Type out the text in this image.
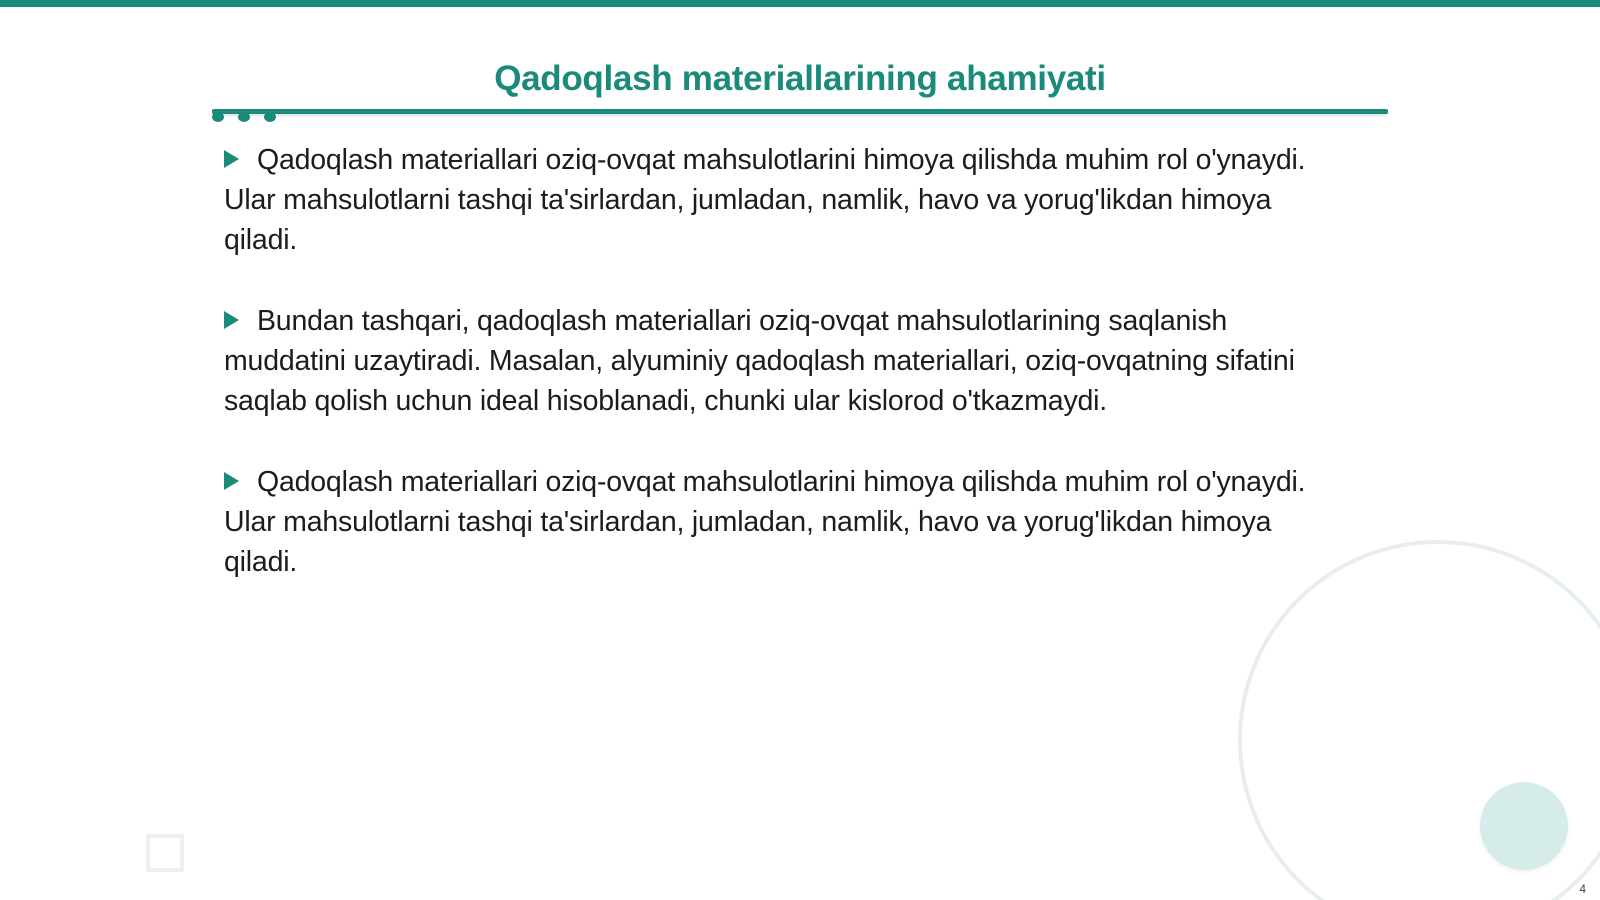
Qadoqlash materiallarining ahamiyati

Qadoqlash materiallari oziq-ovqat mahsulotlarini himoya qilishda muhim rol o'ynaydi. Ular mahsulotlarni tashqi ta'sirlardan, jumladan, namlik, havo va yorug'likdan himoya qiladi.

Bundan tashqari, qadoqlash materiallari oziq-ovqat mahsulotlarining saqlanish muddatini uzaytiradi. Masalan, alyuminiy qadoqlash materiallari, oziq-ovqatning sifatini saqlab qolish uchun ideal hisoblanadi, chunki ular kislorod o'tkazmaydi.

Qadoqlash materiallari oziq-ovqat mahsulotlarini himoya qilishda muhim rol o'ynaydi. Ular mahsulotlarni tashqi ta'sirlardan, jumladan, namlik, havo va yorug'likdan himoya qiladi.

4
